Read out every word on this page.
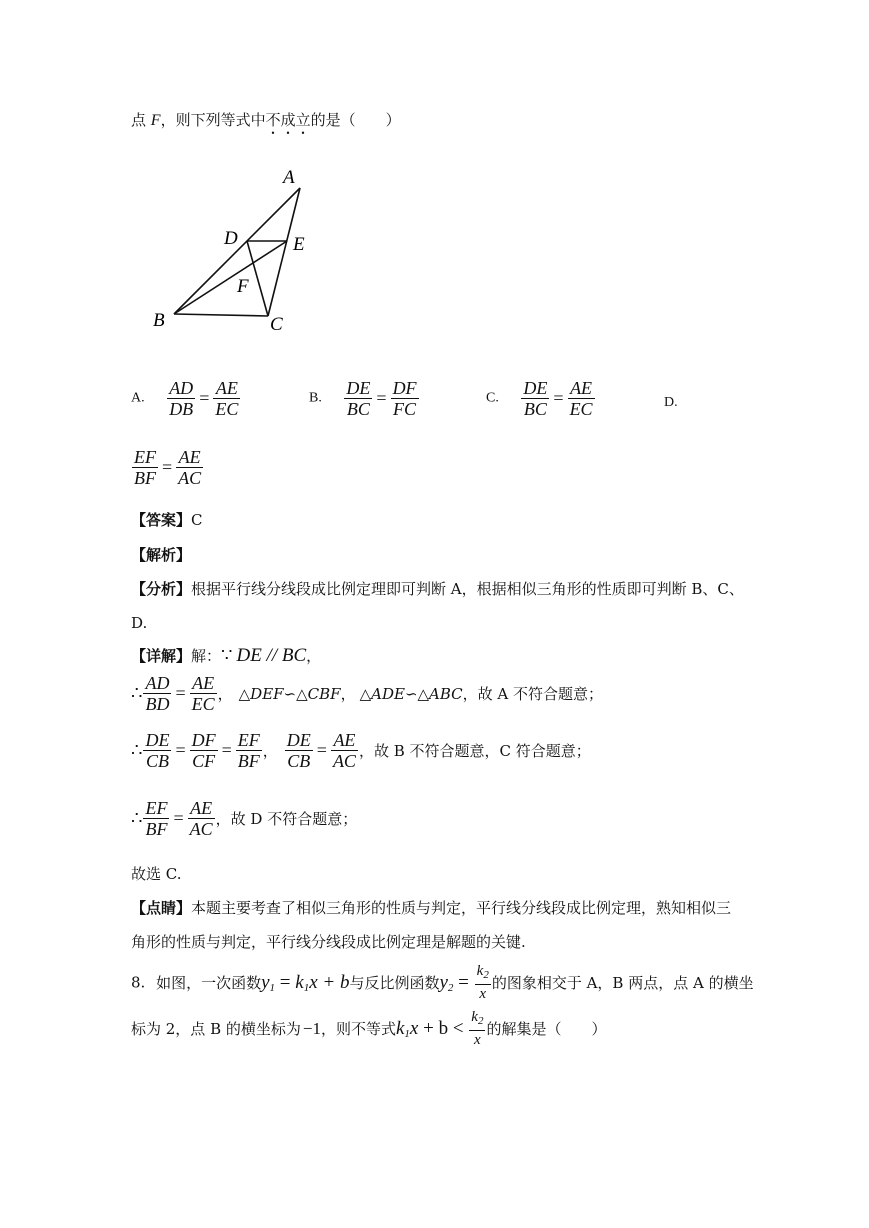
点 F，则下列等式中不成立的是（　　）
A
D	E
F
B	C
A. $\frac{AD}{DB} = \frac{AE}{EC}$	B. $\frac{DE}{BC} = \frac{DF}{FC}$	C. $\frac{DE}{BC} = \frac{AE}{EC}$	D.
$\frac{EF}{BF} = \frac{AE}{AC}$
【答案】C
【解析】
【分析】根据平行线分线段成比例定理即可判断 A，根据相似三角形的性质即可判断 B、C、
D.
【详解】解：∵ DE // BC，
∴ $\frac{AD}{BD} = \frac{AE}{EC}$ ， △DEF∽△CBF， △ADE∽△ABC，故 A 不符合题意；
∴ $\frac{DE}{CB} = \frac{DF}{CF} = \frac{EF}{BF}$ ， $\frac{DE}{CB} = \frac{AE}{AC}$ ，故 B 不符合题意，C 符合题意；
∴ $\frac{EF}{BF} = \frac{AE}{AC}$ ，故 D 不符合题意；
故选 C.
【点睛】本题主要考查了相似三角形的性质与判定，平行线分线段成比例定理，熟知相似三
角形的性质与判定，平行线分线段成比例定理是解题的关键.
8. 如图，一次函数$y_1 = k_1x + b$与反比例函数$y_2 = \frac{k_2}{x}$ 的图象相交于 A，B 两点，点 A 的横坐
标为 2，点 B 的横坐标为 −1，则不等式$k_1x + b < \frac{k_2}{x}$ 的解集是（　　）
